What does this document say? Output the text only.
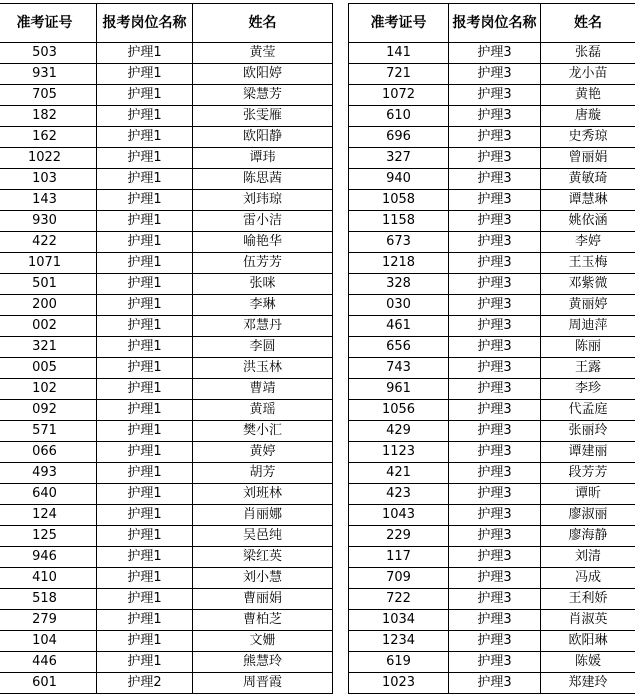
准考证号	报考岗位名称	姓名
503	护理1	黄莹
931	护理1	欧阳婷
705	护理1	梁慧芳
182	护理1	张雯雁
162	护理1	欧阳静
1022	护理1	谭玮
103	护理1	陈思茜
143	护理1	刘玮琼
930	护理1	雷小洁
422	护理1	喻艳华
1071	护理1	伍芳芳
501	护理1	张咪
200	护理1	李琳
002	护理1	邓慧丹
321	护理1	李圆
005	护理1	洪玉林
102	护理1	曹靖
092	护理1	黄瑶
571	护理1	樊小汇
066	护理1	黄婷
493	护理1	胡芳
640	护理1	刘班林
124	护理1	肖丽娜
125	护理1	吴邑纯
946	护理1	梁红英
410	护理1	刘小慧
518	护理1	曹丽娟
279	护理1	曹柏芝
104	护理1	文姗
446	护理1	熊慧玲
601	护理2	周晋霞
准考证号	报考岗位名称	姓名
141	护理3	张磊
721	护理3	龙小苗
1072	护理3	黄艳
610	护理3	唐璇
696	护理3	史秀琼
327	护理3	曾丽娟
940	护理3	黄敏琦
1058	护理3	谭慧琳
1158	护理3	姚依涵
673	护理3	李婷
1218	护理3	王玉梅
328	护理3	邓紫微
030	护理3	黄丽婷
461	护理3	周迪萍
656	护理3	陈丽
743	护理3	王露
961	护理3	李珍
1056	护理3	代孟庭
429	护理3	张丽玲
1123	护理3	谭建丽
421	护理3	段芳芳
423	护理3	谭昕
1043	护理3	廖淑丽
229	护理3	廖海静
117	护理3	刘清
709	护理3	冯成
722	护理3	王利娇
1034	护理3	肖淑英
1234	护理3	欧阳琳
619	护理3	陈媛
1023	护理3	郑建玲
